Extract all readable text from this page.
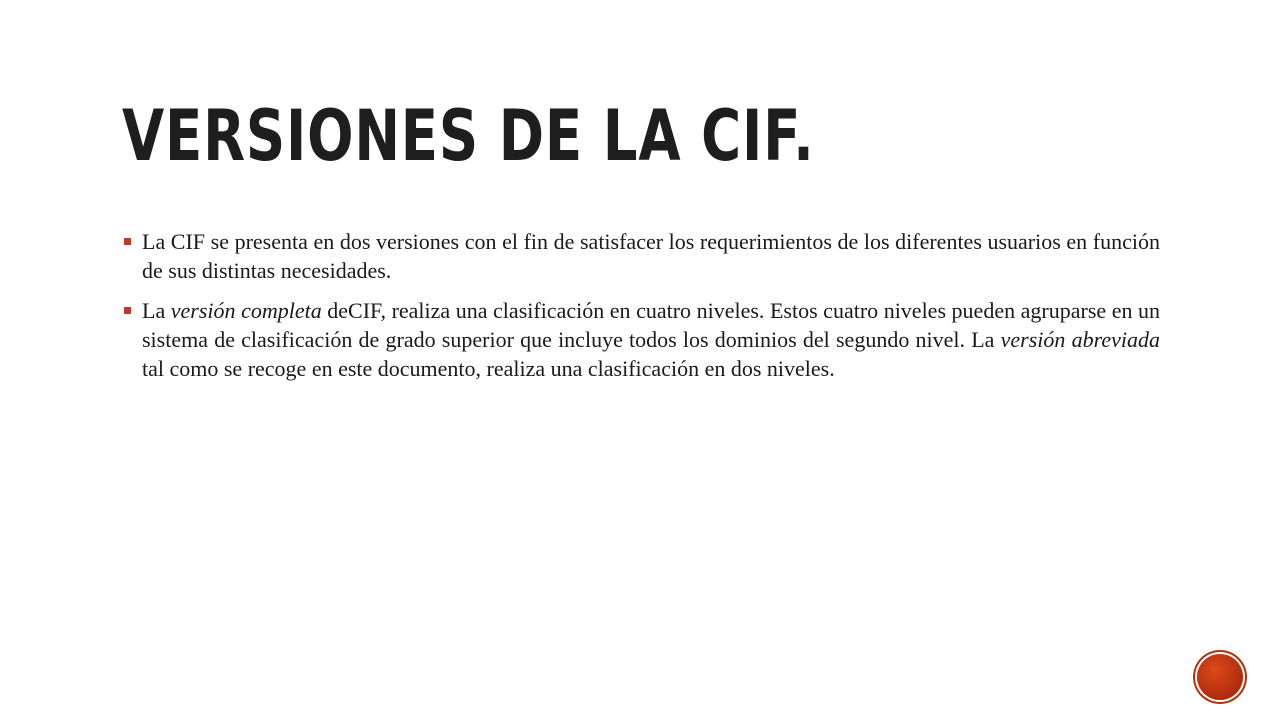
VERSIONES DE LA CIF.
La CIF se presenta en dos versiones con el fin de satisfacer los requerimientos de los diferentes usuarios en función de sus distintas necesidades.
La versión completa deCIF, realiza una clasificación en cuatro niveles. Estos cuatro niveles pueden agruparse en un sistema de clasificación de grado superior que incluye todos los dominios del segundo nivel. La versión abreviada tal como se recoge en este documento, realiza una clasificación en dos niveles.
